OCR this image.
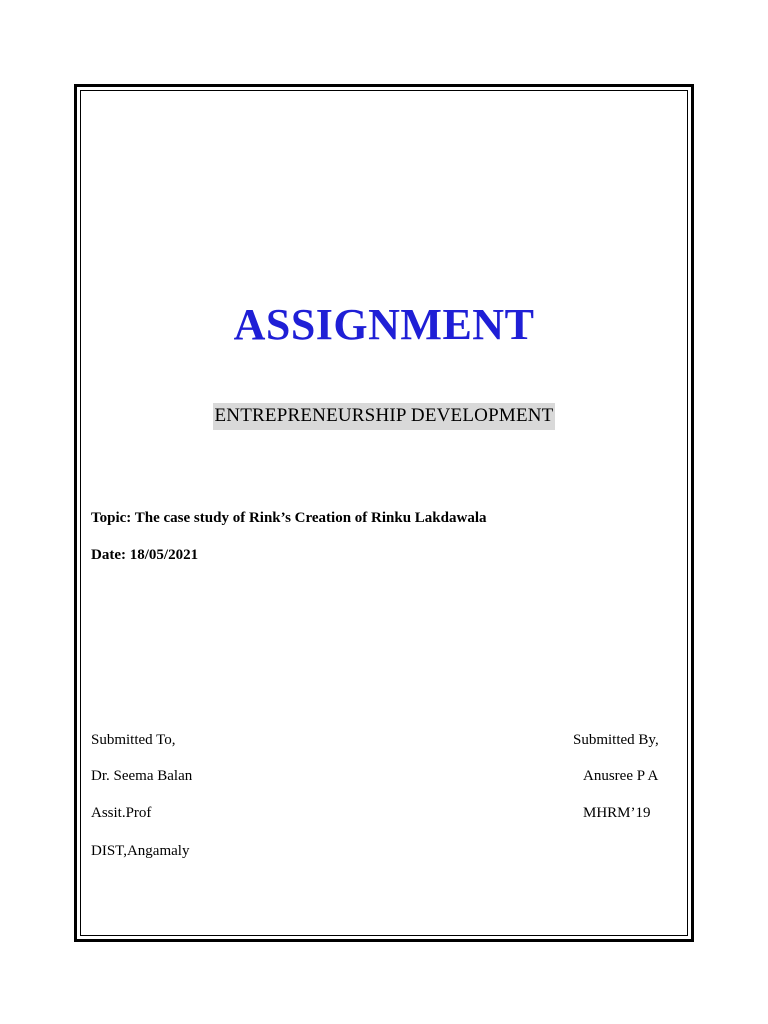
ASSIGNMENT
ENTREPRENEURSHIP DEVELOPMENT
Topic: The case study of Rink’s Creation of Rinku Lakdawala
Date: 18/05/2021
Submitted To,
Dr. Seema Balan
Assit.Prof
DIST,Angamaly
Submitted By,
Anusree P A
MHRM’19
